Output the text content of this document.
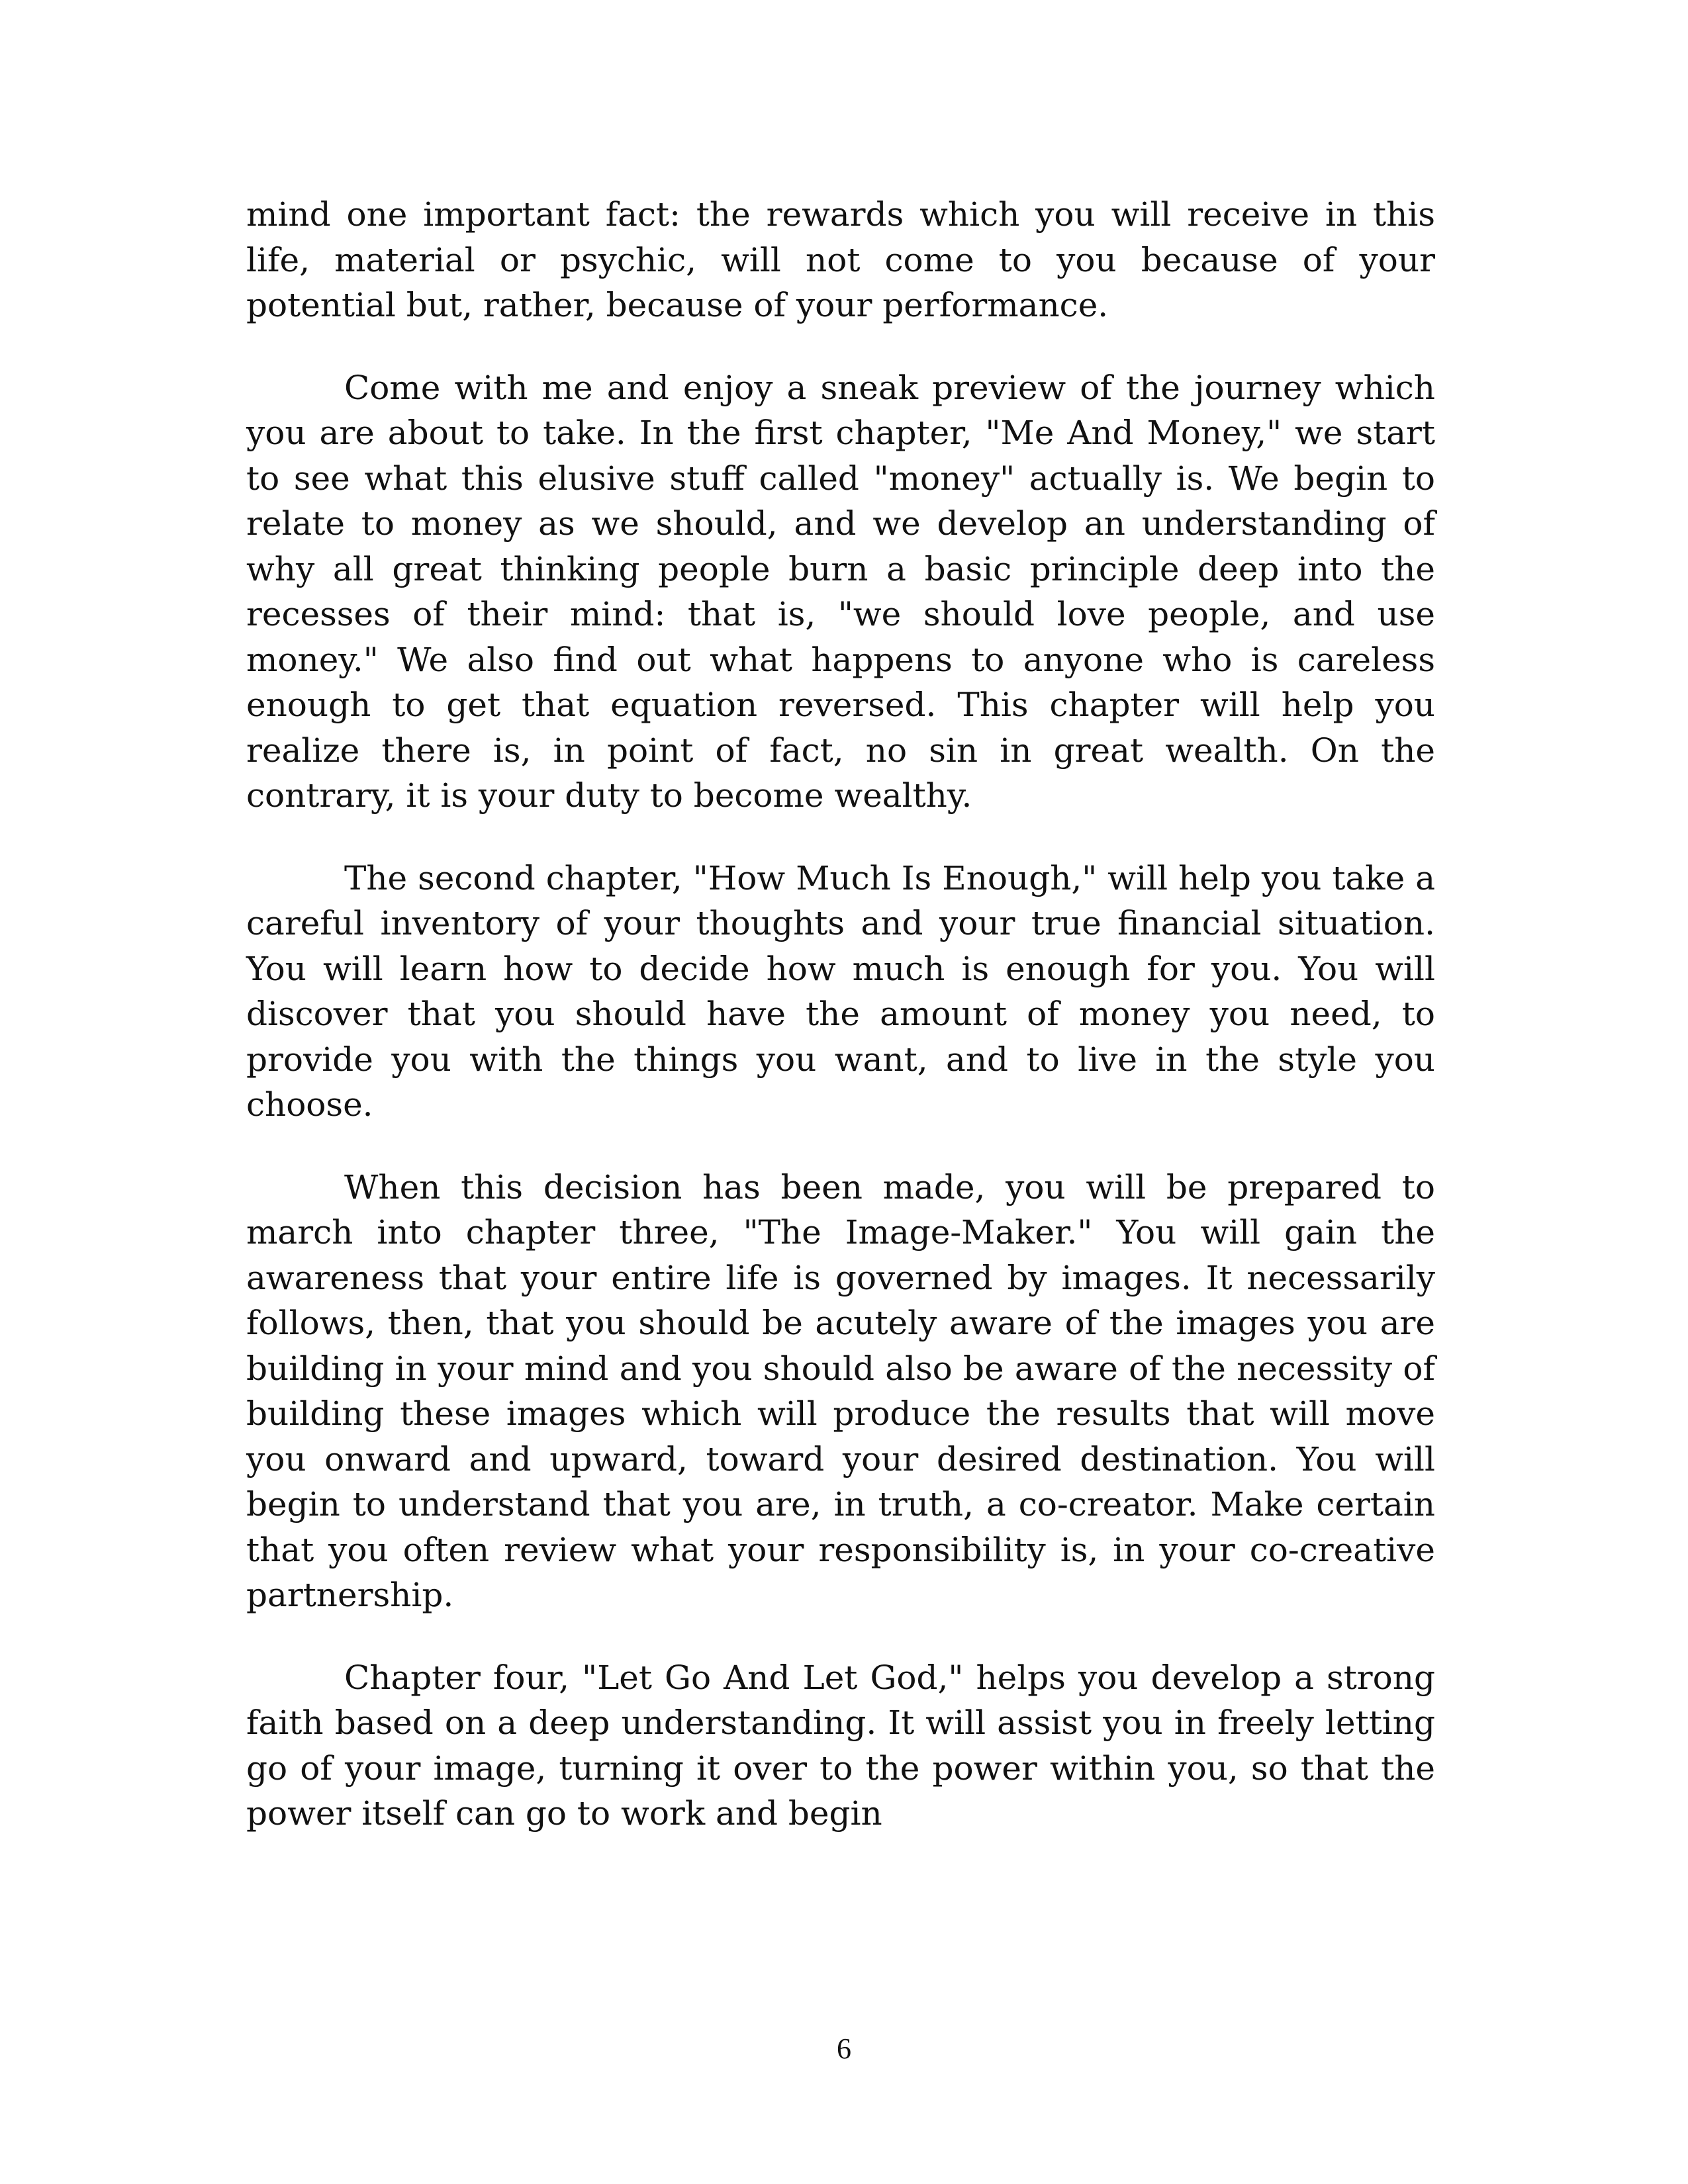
mind one important fact: the rewards which you will receive in this life, material or psychic, will not come to you because of your potential but, rather, because of your performance.

Come with me and enjoy a sneak preview of the journey which you are about to take. In the first chapter, "Me And Money," we start to see what this elusive stuff called "money" actually is. We begin to relate to money as we should, and we develop an understanding of why all great thinking people burn a basic principle deep into the recesses of their mind: that is, "we should love people, and use money." We also find out what happens to anyone who is careless enough to get that equation reversed. This chapter will help you realize there is, in point of fact, no sin in great wealth. On the contrary, it is your duty to become wealthy.

The second chapter, "How Much Is Enough," will help you take a careful inventory of your thoughts and your true financial situation. You will learn how to decide how much is enough for you. You will discover that you should have the amount of money you need, to provide you with the things you want, and to live in the style you choose.

When this decision has been made, you will be prepared to march into chapter three, "The Image-Maker." You will gain the awareness that your entire life is governed by images. It necessarily follows, then, that you should be acutely aware of the images you are building in your mind and you should also be aware of the necessity of building these images which will produce the results that will move you onward and upward, toward your desired destination. You will begin to understand that you are, in truth, a co-creator. Make certain that you often review what your responsibility is, in your co-creative partnership.

Chapter four, "Let Go And Let God," helps you develop a strong faith based on a deep understanding. It will assist you in freely letting go of your image, turning it over to the power within you, so that the power itself can go to work and begin

6
